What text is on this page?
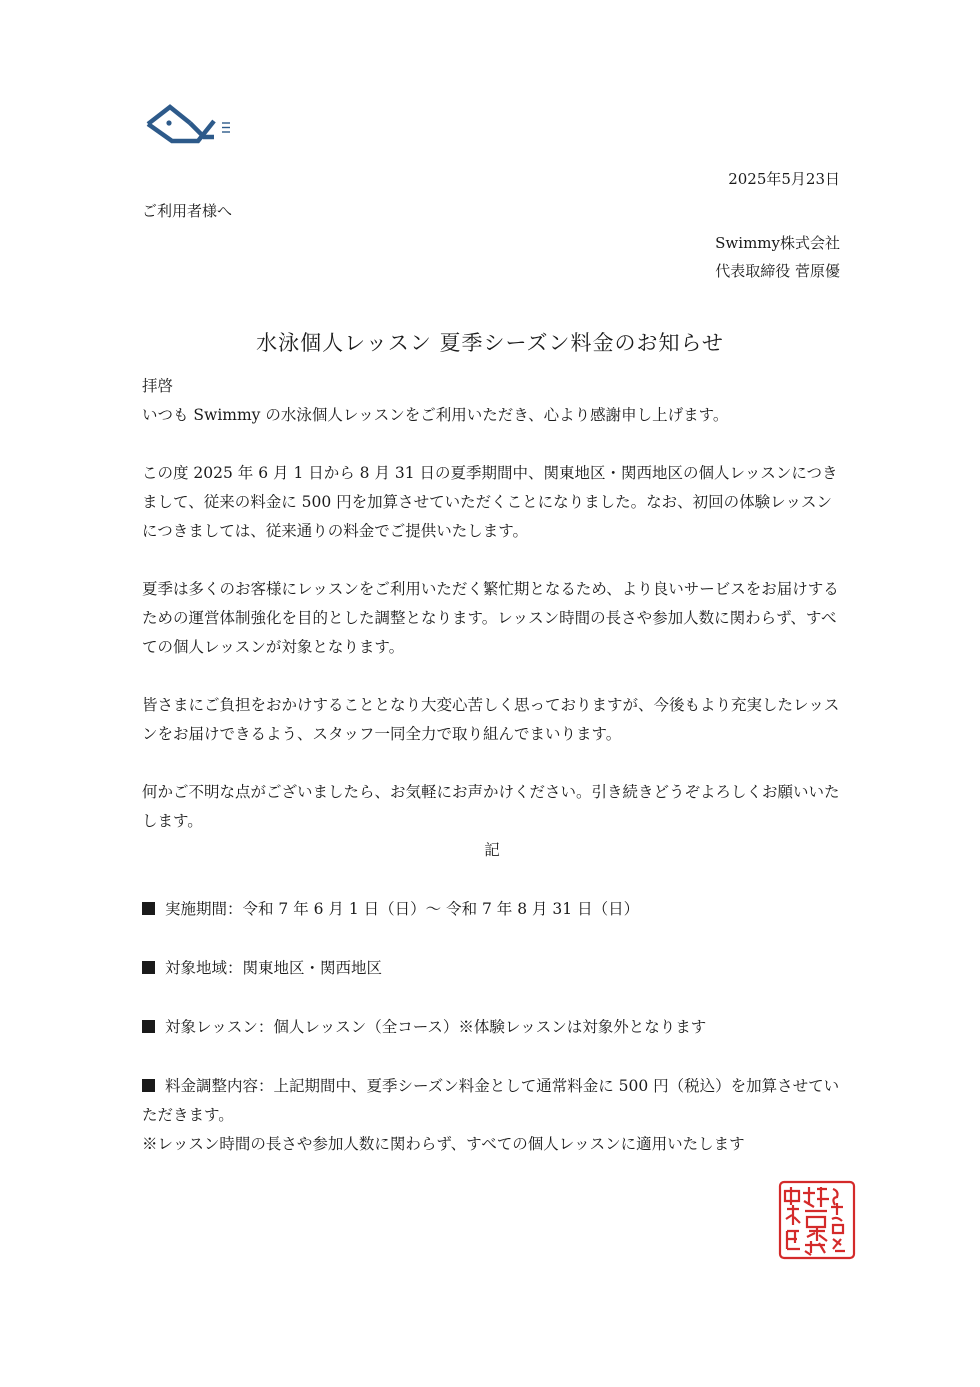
2025年5月23日
ご利用者様へ
Swimmy株式会社
代表取締役 菅原優
水泳個人レッスン 夏季シーズン料金のお知らせ

拝啓

いつも Swimmy の水泳個人レッスンをご利用いただき、心より感謝申し上げます。

この度 2025 年 6 月 1 日から 8 月 31 日の夏季期間中、関東地区・関西地区の個人レッスンにつきまして、従来の料金に 500 円を加算させていただくことになりました。なお、初回の体験レッスンにつきましては、従来通りの料金でご提供いたします。

夏季は多くのお客様にレッスンをご利用いただく繁忙期となるため、より良いサービスをお届けするための運営体制強化を目的とした調整となります。レッスン時間の長さや参加人数に関わらず、すべての個人レッスンが対象となります。

皆さまにご負担をおかけすることとなり大変心苦しく思っておりますが、今後もより充実したレッスンをお届けできるよう、スタッフ一同全力で取り組んでまいります。

何かご不明な点がございましたら、お気軽にお声かけください。引き続きどうぞよろしくお願いいたします。

記

実施期間：令和 7 年 6 月 1 日（日）～ 令和 7 年 8 月 31 日（日）

対象地域：関東地区・関西地区

対象レッスン：個人レッスン（全コース）※体験レッスンは対象外となります

料金調整内容：上記期間中、夏季シーズン料金として通常料金に 500 円（税込）を加算させていただきます。

※レッスン時間の長さや参加人数に関わらず、すべての個人レッスンに適用いたします
